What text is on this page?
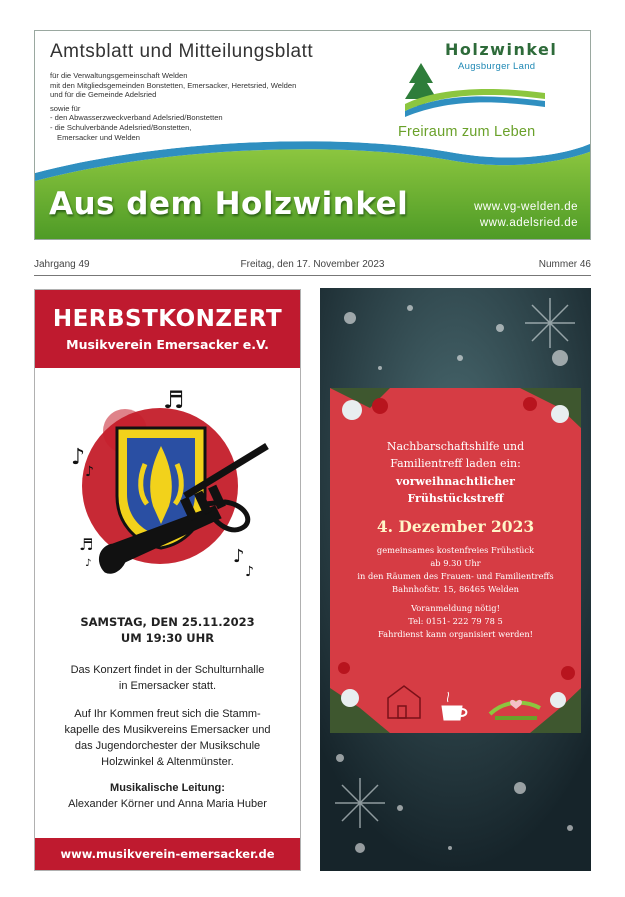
Amtsblatt und Mitteilungsblatt
für die Verwaltungsgemeinschaft Welden
mit den Mitgliedsgemeinden Bonstetten, Emersacker, Heretsried, Welden
und für die Gemeinde Adelsried
sowie für
- den Abwasserzweckverband Adelsried/Bonstetten
- die Schulverbände Adelsried/Bonstetten,
Emersacker und Welden
Holzwinkel
Augsburger Land
Freiraum zum Leben
Aus dem Holzwinkel	www.vg-welden.de
www.adelsried.de
Freitag, den 17. November 2023
Jahrgang 49	Nummer 46
HERBSTKONZERT
Musikverein Emersacker e.V.
♬
♪
♪
♬
♪	♪
♪
SAMSTAG, DEN 25.11.2023
UM 19:30 UHR
Das Konzert findet in der Schulturnhalle
in Emersacker statt.
Auf Ihr Kommen freut sich die Stamm-
kapelle des Musikvereins Emersacker und
das Jugendorchester der Musikschule
Holzwinkel & Altenmünster.
Musikalische Leitung:
Alexander Körner und Anna Maria Huber
www.musikverein-emersacker.de
Nachbarschaftshilfe und
Familientreff laden ein:
vorweihnachtlicher
Frühstückstreff
4. Dezember 2023
gemeinsames kostenfreies Frühstück
ab 9.30 Uhr
in den Räumen des Frauen- und Familientreffs
Bahnhofstr. 15, 86465 Welden
Voranmeldung nötig!
Tel: 0151- 222 79 78 5
Fahrdienst kann organisiert werden!
